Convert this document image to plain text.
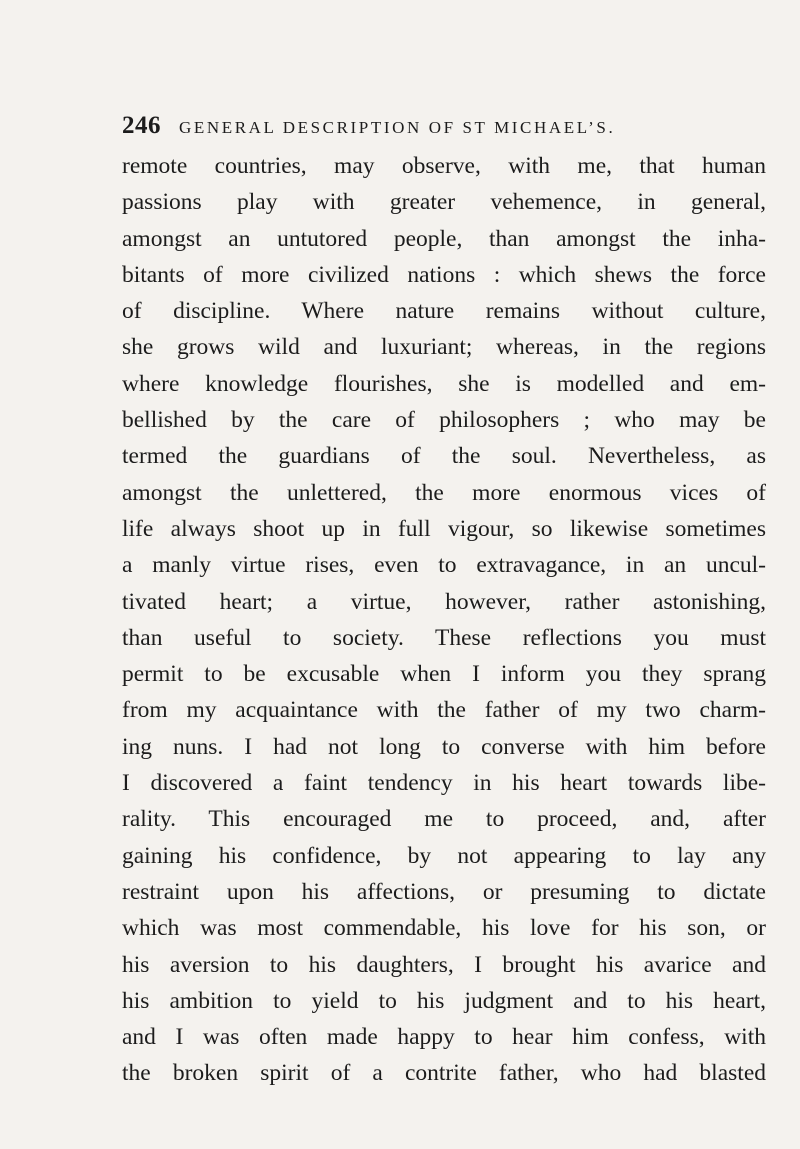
246 GENERAL DESCRIPTION OF ST MICHAEL’S.
remote countries, may observe, with me, that human
passions play with greater vehemence, in general,
amongst an untutored people, than amongst the inha-
bitants of more civilized nations : which shews the force
of discipline. Where nature remains without culture,
she grows wild and luxuriant; whereas, in the regions
where knowledge flourishes, she is modelled and em-
bellished by the care of philosophers ; who may be
termed the guardians of the soul. Nevertheless, as
amongst the unlettered, the more enormous vices of
life always shoot up in full vigour, so likewise sometimes
a manly virtue rises, even to extravagance, in an uncul-
tivated heart; a virtue, however, rather astonishing,
than useful to society. These reflections you must
permit to be excusable when I inform you they sprang
from my acquaintance with the father of my two charm-
ing nuns. I had not long to converse with him before
I discovered a faint tendency in his heart towards libe-
rality. This encouraged me to proceed, and, after
gaining his confidence, by not appearing to lay any
restraint upon his affections, or presuming to dictate
which was most commendable, his love for his son, or
his aversion to his daughters, I brought his avarice and
his ambition to yield to his judgment and to his heart,
and I was often made happy to hear him confess, with
the broken spirit of a contrite father, who had blasted
